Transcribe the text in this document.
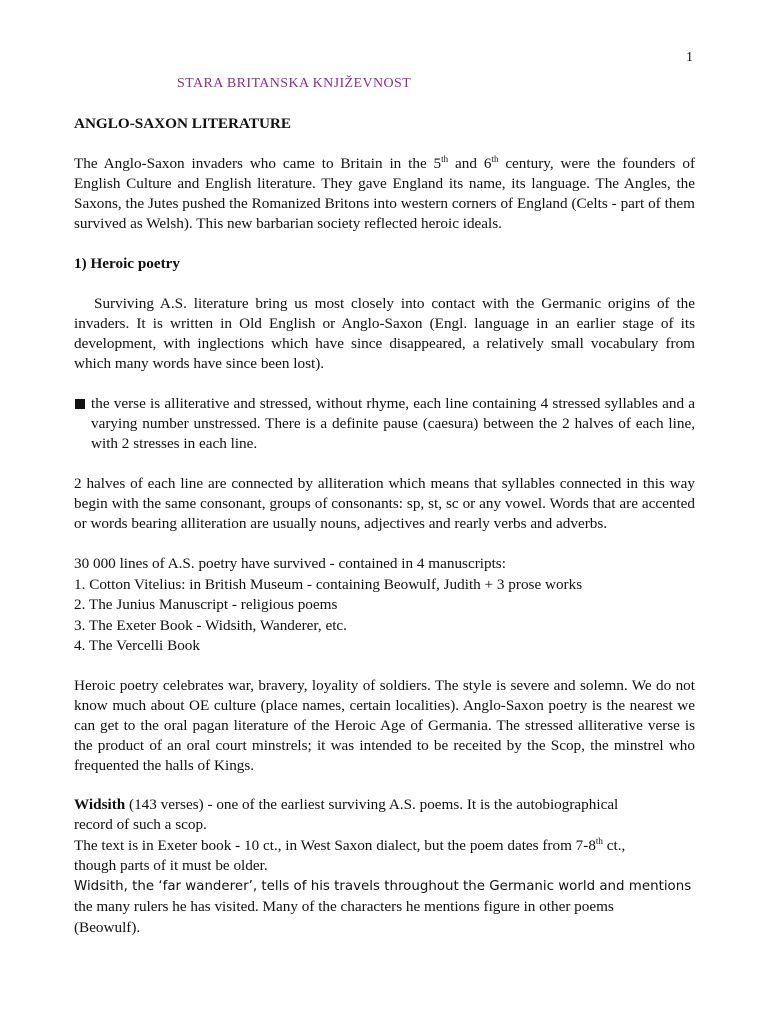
1
STARA BRITANSKA KNJIŽEVNOST
ANGLO-SAXON LITERATURE

The Anglo-Saxon invaders who came to Britain in the 5th and 6th century, were the founders of English Culture and English literature. They gave England its name, its language. The Angles, the Saxons, the Jutes pushed the Romanized Britons into western corners of England (Celts - part of them survived as Welsh). This new barbarian society reflected heroic ideals.

1) Heroic poetry

Surviving A.S. literature bring us most closely into contact with the Germanic origins of the invaders. It is written in Old English or Anglo-Saxon (Engl. language in an earlier stage of its development, with inglections which have since disappeared, a relatively small vocabulary from which many words have since been lost).

the verse is alliterative and stressed, without rhyme, each line containing 4 stressed syllables and a varying number unstressed. There is a definite pause (caesura) between the 2 halves of each line, with 2 stresses in each line.

2 halves of each line are connected by alliteration which means that syllables connected in this way begin with the same consonant, groups of consonants: sp, st, sc or any vowel. Words that are accented or words bearing alliteration are usually nouns, adjectives and rearly verbs and adverbs.

30 000 lines of A.S. poetry have survived - contained in 4 manuscripts:
1. Cotton Vitelius: in British Museum - containing Beowulf, Judith + 3 prose works
2. The Junius Manuscript - religious poems
3. The Exeter Book - Widsith, Wanderer, etc.
4. The Vercelli Book

Heroic poetry celebrates war, bravery, loyality of soldiers. The style is severe and solemn. We do not know much about OE culture (place names, certain localities). Anglo-Saxon poetry is the nearest we can get to the oral pagan literature of the Heroic Age of Germania. The stressed alliterative verse is the product of an oral court minstrels; it was intended to be receited by the Scop, the minstrel who frequented the halls of Kings.

Widsith (143 verses) - one of the earliest surviving A.S. poems. It is the autobiographical
record of such a scop.
The text is in Exeter book - 10 ct., in West Saxon dialect, but the poem dates from 7-8th ct.,
though parts of it must be older.
Widsith, the ‘far wanderer’, tells of his travels throughout the Germanic world and mentions
the many rulers he has visited. Many of the characters he mentions figure in other poems
(Beowulf).
